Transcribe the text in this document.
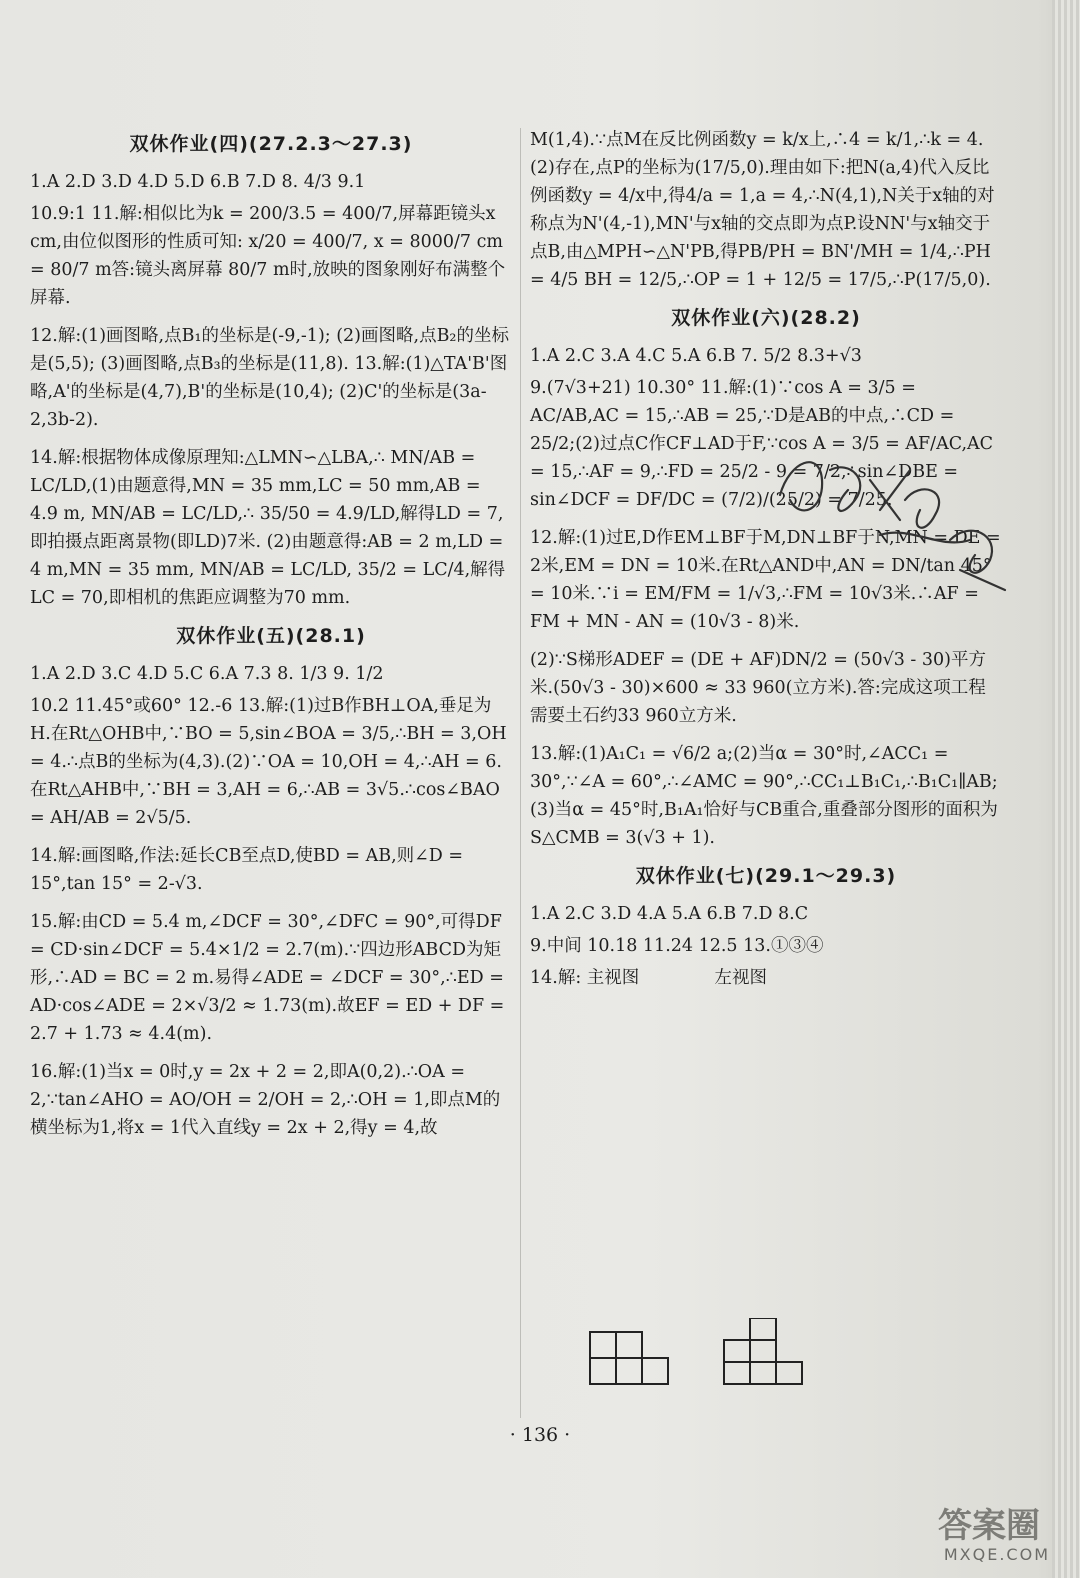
双休作业(四)(27.2.3～27.3)

1.A 2.D 3.D 4.D 5.D 6.B 7.D 8. 4/3 9.1

10.9:1 11.解:相似比为k = 200/3.5 = 400/7,屏幕距镜头x cm,由位似图形的性质可知: x/20 = 400/7, x = 8000/7 cm = 80/7 m答:镜头离屏幕 80/7 m时,放映的图象刚好布满整个屏幕.

12.解:(1)画图略,点B₁的坐标是(-9,-1); (2)画图略,点B₂的坐标是(5,5); (3)画图略,点B₃的坐标是(11,8). 13.解:(1)△TA'B'图略,A'的坐标是(4,7),B'的坐标是(10,4); (2)C'的坐标是(3a-2,3b-2).

14.解:根据物体成像原理知:△LMN∽△LBA,∴ MN/AB = LC/LD,(1)由题意得,MN = 35 mm,LC = 50 mm,AB = 4.9 m, MN/AB = LC/LD,∴ 35/50 = 4.9/LD,解得LD = 7,即拍摄点距离景物(即LD)7米. (2)由题意得:AB = 2 m,LD = 4 m,MN = 35 mm, MN/AB = LC/LD, 35/2 = LC/4,解得LC = 70,即相机的焦距应调整为70 mm.

双休作业(五)(28.1)

1.A 2.D 3.C 4.D 5.C 6.A 7.3 8. 1/3 9. 1/2

10.2 11.45°或60° 12.-6 13.解:(1)过B作BH⊥OA,垂足为H.在Rt△OHB中,∵BO = 5,sin∠BOA = 3/5,∴BH = 3,OH = 4.∴点B的坐标为(4,3).(2)∵OA = 10,OH = 4,∴AH = 6.在Rt△AHB中,∵BH = 3,AH = 6,∴AB = 3√5.∴cos∠BAO = AH/AB = 2√5/5.

14.解:画图略,作法:延长CB至点D,使BD = AB,则∠D = 15°,tan 15° = 2-√3.

15.解:由CD = 5.4 m,∠DCF = 30°,∠DFC = 90°,可得DF = CD·sin∠DCF = 5.4×1/2 = 2.7(m).∵四边形ABCD为矩形,∴AD = BC = 2 m.易得∠ADE = ∠DCF = 30°,∴ED = AD·cos∠ADE = 2×√3/2 ≈ 1.73(m).故EF = ED + DF = 2.7 + 1.73 ≈ 4.4(m).

16.解:(1)当x = 0时,y = 2x + 2 = 2,即A(0,2).∴OA = 2,∵tan∠AHO = AO/OH = 2/OH = 2,∴OH = 1,即点M的横坐标为1,将x = 1代入直线y = 2x + 2,得y = 4,故

M(1,4).∵点M在反比例函数y = k/x上,∴4 = k/1,∴k = 4.(2)存在,点P的坐标为(17/5,0).理由如下:把N(a,4)代入反比例函数y = 4/x中,得4/a = 1,a = 4,∴N(4,1),N关于x轴的对称点为N'(4,-1),MN'与x轴的交点即为点P.设NN'与x轴交于点B,由△MPH∽△N'PB,得PB/PH = BN'/MH = 1/4,∴PH = 4/5 BH = 12/5,∴OP = 1 + 12/5 = 17/5,∴P(17/5,0).

双休作业(六)(28.2)

1.A 2.C 3.A 4.C 5.A 6.B 7. 5/2 8.3+√3

9.(7√3+21) 10.30° 11.解:(1)∵cos A = 3/5 = AC/AB,AC = 15,∴AB = 25,∵D是AB的中点,∴CD = 25/2;(2)过点C作CF⊥AD于F,∵cos A = 3/5 = AF/AC,AC = 15,∴AF = 9,∴FD = 25/2 - 9 = 7/2,∴sin∠DBE = sin∠DCF = DF/DC = (7/2)/(25/2) = 7/25.

12.解:(1)过E,D作EM⊥BF于M,DN⊥BF于N,MN = DE = 2米,EM = DN = 10米.在Rt△AND中,AN = DN/tan 45° = 10米.∵i = EM/FM = 1/√3,∴FM = 10√3米.∴AF = FM + MN - AN = (10√3 - 8)米.

(2)∵S梯形ADEF = (DE + AF)DN/2 = (50√3 - 30)平方米.(50√3 - 30)×600 ≈ 33 960(立方米).答:完成这项工程需要土石约33 960立方米.

13.解:(1)A₁C₁ = √6/2 a;(2)当α = 30°时,∠ACC₁ = 30°,∵∠A = 60°,∴∠AMC = 90°,∴CC₁⊥B₁C₁,∴B₁C₁∥AB;(3)当α = 45°时,B₁A₁恰好与CB重合,重叠部分图形的面积为S△CMB = 3(√3 + 1).

双休作业(七)(29.1～29.3)

1.A 2.C 3.D 4.A 5.A 6.B 7.D 8.C

9.中间 10.18 11.24 12.5 13.①③④

14.解: 主视图	左视图

· 136 ·
答案圈
MXQE.COM
